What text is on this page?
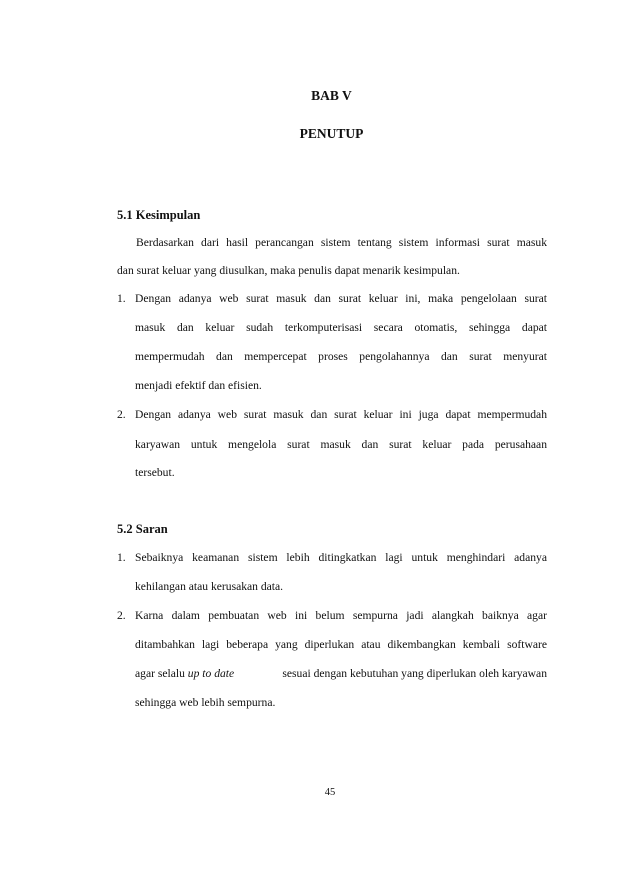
BAB V
PENUTUP
5.1 Kesimpulan
Berdasarkan dari hasil perancangan sistem tentang sistem informasi surat masuk
dan surat keluar yang diusulkan, maka penulis dapat menarik kesimpulan.
1. Dengan adanya web surat masuk dan surat keluar ini, maka pengelolaan surat
masuk dan keluar sudah terkomputerisasi secara otomatis, sehingga dapat
mempermudah dan mempercepat proses pengolahannya dan surat menyurat
menjadi efektif dan efisien.
2. Dengan adanya web surat masuk dan surat keluar ini juga dapat mempermudah
karyawan untuk mengelola surat masuk dan surat keluar pada perusahaan
tersebut.
5.2 Saran
1. Sebaiknya keamanan sistem lebih ditingkatkan lagi untuk menghindari adanya
kehilangan atau kerusakan data.
2. Karna dalam pembuatan web ini belum sempurna jadi alangkah baiknya agar
ditambahkan lagi beberapa yang diperlukan atau dikembangkan kembali software
agar selalu up to date	sesuai dengan kebutuhan yang diperlukan oleh karyawan
sehingga web lebih sempurna.
45
